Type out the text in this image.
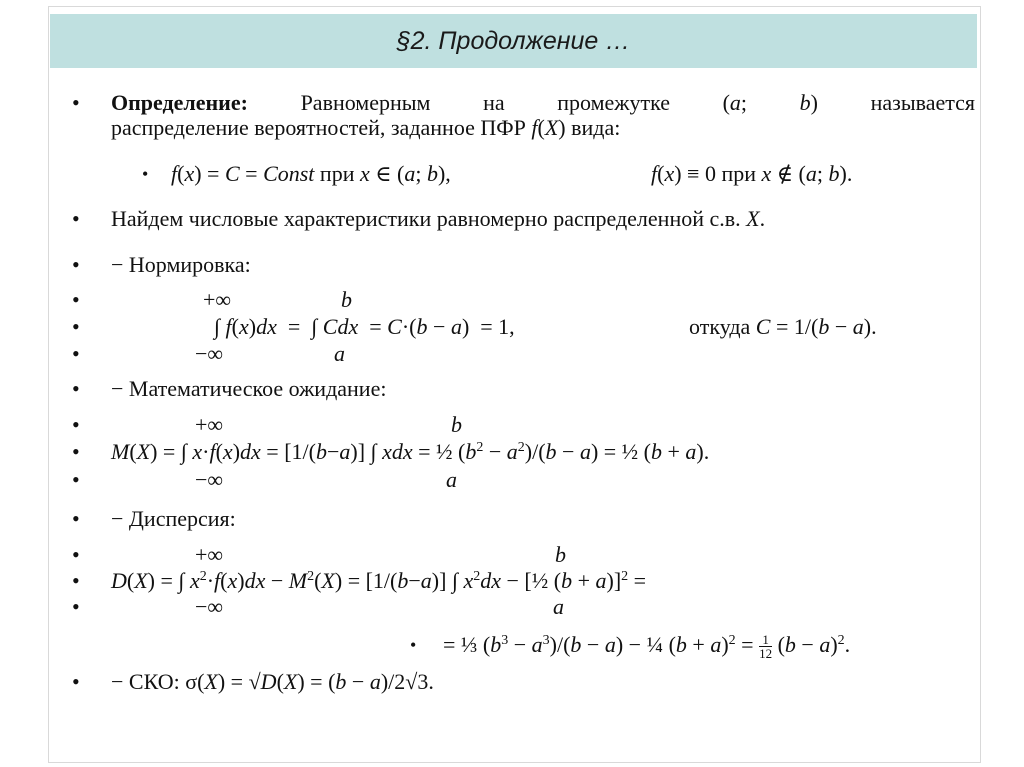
§2. Продолжение …
• Определение: Равномерным на промежутке (a; b) называется
распределение вероятностей, заданное ПФР f(X) вида:
• f(x) = C = Const при x ∈ (a; b),	f(x) ≡ 0 при x ∉ (a; b).
• Найдем числовые характеристики равномерно распределенной с.в. X.
• − Нормировка:
•	+∞	b
•	∫ f(x)dx  =  ∫ Cdx  = C·(b − a)  = 1,	откуда C = 1/(b − a).
•	−∞	a
• − Математическое ожидание:
•	+∞	b
• M(X) = ∫ x·f(x)dx = [1/(b−a)] ∫ xdx = ½ $(b^2 - a^2)/(b - a)$ = ½ (b + a).
•	−∞	a
• − Дисперсия:
•	+∞	b
• D(X) = ∫ $x^2\cdot f(x)dx - M^2(X) = [1/(b-a)]$ ∫ $x^2dx$ − [½ (b + a)]$^2$ =
•	−∞	a
• = ⅓ $(b^3 - a^3)/(b - a)$ − ¼ $(b + a)^2 = \frac{1}{12} (b - a)^2$.
• − СКО: σ(X) = √D(X) = (b − a)/2√3.
